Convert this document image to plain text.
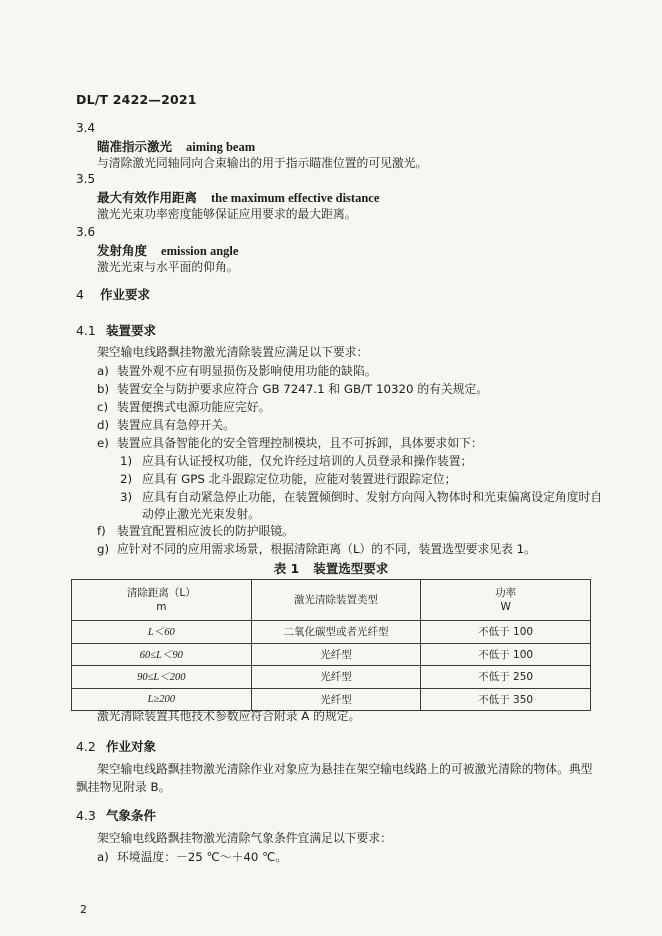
DL/T 2422—2021
3.4
瞄准指示激光 aiming beam
与清除激光同轴同向合束输出的用于指示瞄准位置的可见激光。
3.5
最大有效作用距离 the maximum effective distance
激光光束功率密度能够保证应用要求的最大距离。
3.6
发射角度 emission angle
激光光束与水平面的仰角。
4 作业要求
4.1 装置要求
架空输电线路飘挂物激光清除装置应满足以下要求：
a) 装置外观不应有明显损伤及影响使用功能的缺陷。
b) 装置安全与防护要求应符合 GB 7247.1 和 GB/T 10320 的有关规定。
c) 装置便携式电源功能应完好。
d) 装置应具有急停开关。
e) 装置应具备智能化的安全管理控制模块，且不可拆卸，具体要求如下：
1) 应具有认证授权功能，仅允许经过培训的人员登录和操作装置；
2) 应具有 GPS 北斗跟踪定位功能，应能对装置进行跟踪定位；
3) 应具有自动紧急停止功能，在装置倾倒时、发射方向闯入物体时和光束偏离设定角度时自
动停止激光光束发射。
f) 装置宜配置相应波长的防护眼镜。
g) 应针对不同的应用需求场景，根据清除距离（L）的不同，装置选型要求见表 1。
表 1 装置选型要求
清除距离（L）
m	激光清除装置类型	功率
W
L＜60	二氧化碳型或者光纤型	不低于 100
60≤L＜90	光纤型	不低于 100
90≤L＜200	光纤型	不低于 250
L≥200	光纤型	不低于 350
激光清除装置其他技术参数应符合附录 A 的规定。
4.2 作业对象
架空输电线路飘挂物激光清除作业对象应为悬挂在架空输电线路上的可被激光清除的物体。典型
飘挂物见附录 B。
4.3 气象条件
架空输电线路飘挂物激光清除气象条件宜满足以下要求：
a) 环境温度：－25 ℃～＋40 ℃。
2
